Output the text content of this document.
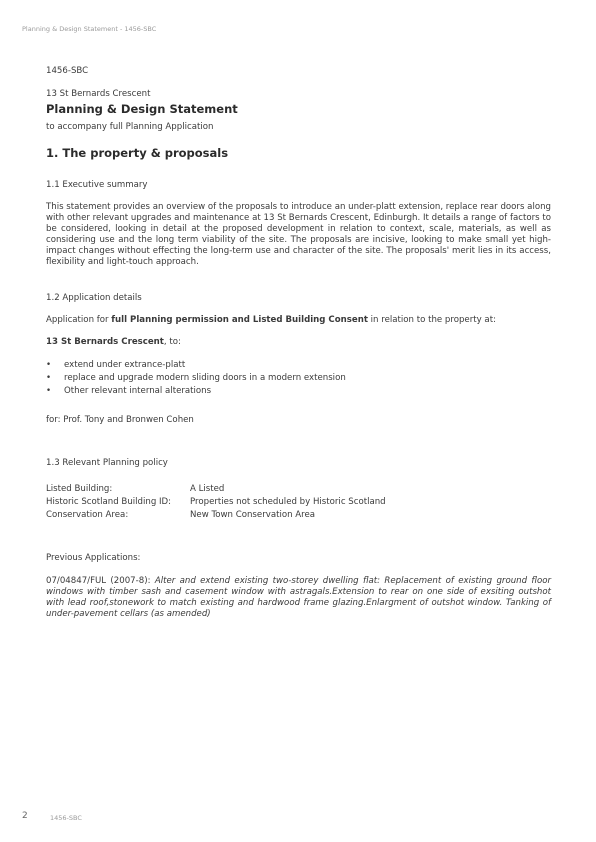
Planning & Design Statement - 1456-SBC

1456-SBC

13 St Bernards Crescent

Planning & Design Statement

to accompany full Planning Application

1. The property & proposals

1.1 Executive summary

This statement provides an overview of the proposals to introduce an under-platt extension, replace rear doors along with other relevant upgrades and maintenance at 13 St Bernards Crescent, Edinburgh. It details a range of factors to be considered, looking in detail at the proposed development in relation to context, scale, materials, as well as considering use and the long term viability of the site. The proposals are incisive, looking to make small yet high-impact changes without effecting the long-term use and character of the site. The proposals' merit lies in its access, flexibility and light-touch approach.

1.2 Application details

Application for full Planning permission and Listed Building Consent in relation to the property at:

13 St Bernards Crescent, to:

• extend under extrance-platt
• replace and upgrade modern sliding doors in a modern extension
• Other relevant internal alterations

for: Prof. Tony and Bronwen Cohen

1.3 Relevant Planning policy

Listed Building:	A Listed
Historic Scotland Building ID:	Properties not scheduled by Historic Scotland
Conservation Area:	New Town Conservation Area

Previous Applications:

07/04847/FUL (2007-8): Alter and extend existing two-storey dwelling flat: Replacement of existing ground floor windows with timber sash and casement window with astragals.Extension to rear on one side of exsiting outshot with lead roof,stonework to match existing and hardwood frame glazing.Enlargment of outshot window. Tanking of under-pavement cellars (as amended)

2	1456-SBC
